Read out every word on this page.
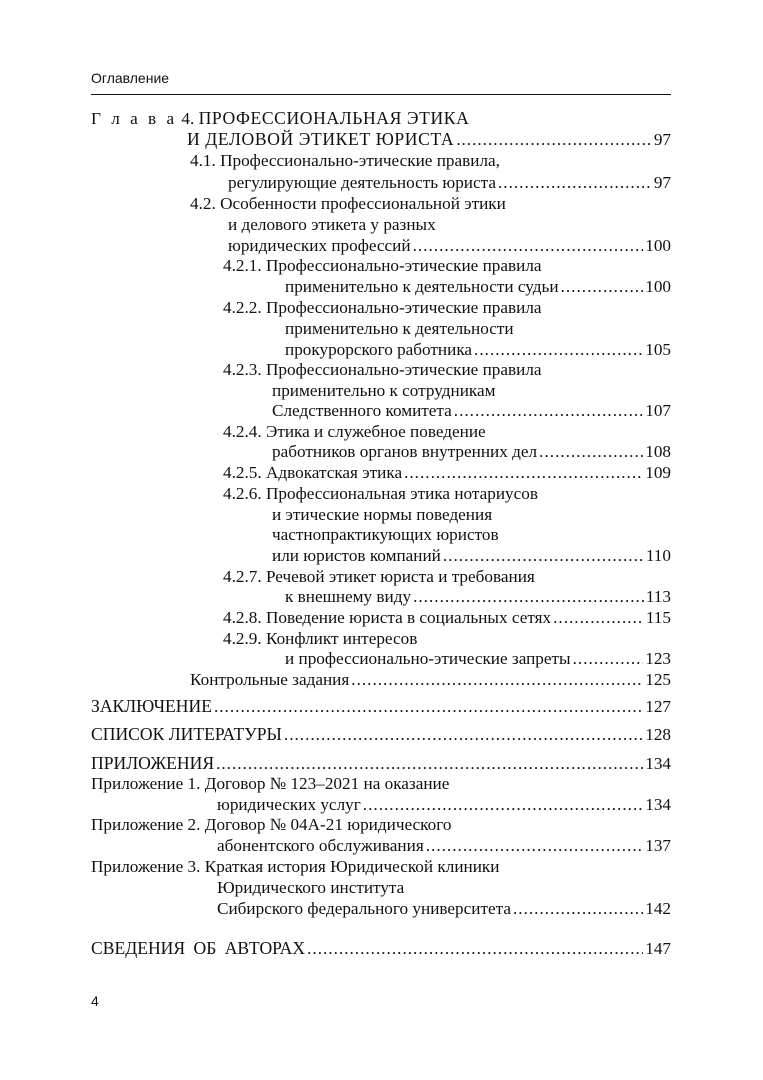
Оглавление
Г л а в а 4. ПРОФЕССИОНАЛЬНАЯ ЭТИКА
И ДЕЛОВОЙ ЭТИКЕТ ЮРИСТА .....	97
4.1. Профессионально-этические правила,
регулирующие деятельность юриста .....	97
4.2. Особенности профессиональной этики
и делового этикета у разных
юридических профессий .....	100
4.2.1. Профессионально-этические правила
применительно к деятельности судьи .....	100
4.2.2. Профессионально-этические правила
применительно к деятельности
прокурорского работника .....	105
4.2.3. Профессионально-этические правила
применительно к сотрудникам
Следственного комитета .....	107
4.2.4. Этика и служебное поведение
работников органов внутренних дел .....	108
4.2.5. Адвокатская этика .....	109
4.2.6. Профессиональная этика нотариусов
и этические нормы поведения
частнопрактикующих юристов
или юристов компаний .....	110
4.2.7. Речевой этикет юриста и требования
к внешнему виду .....	113
4.2.8. Поведение юриста в социальных сетях .....	115
4.2.9. Конфликт интересов
и профессионально-этические запреты .....	123
Контрольные задания .....	125
ЗАКЛЮЧЕНИЕ .....	127
СПИСОК ЛИТЕРАТУРЫ .....	128
ПРИЛОЖЕНИЯ .....	134
Приложение 1. Договор № 123–2021 на оказание
юридических услуг .....	134
Приложение 2. Договор № 04А-21 юридического
абонентского обслуживания .....	137
Приложение 3. Краткая история Юридической клиники
Юридического института
Сибирского федерального университета .....	142
СВЕДЕНИЯ ОБ АВТОРАХ .....	147
4
